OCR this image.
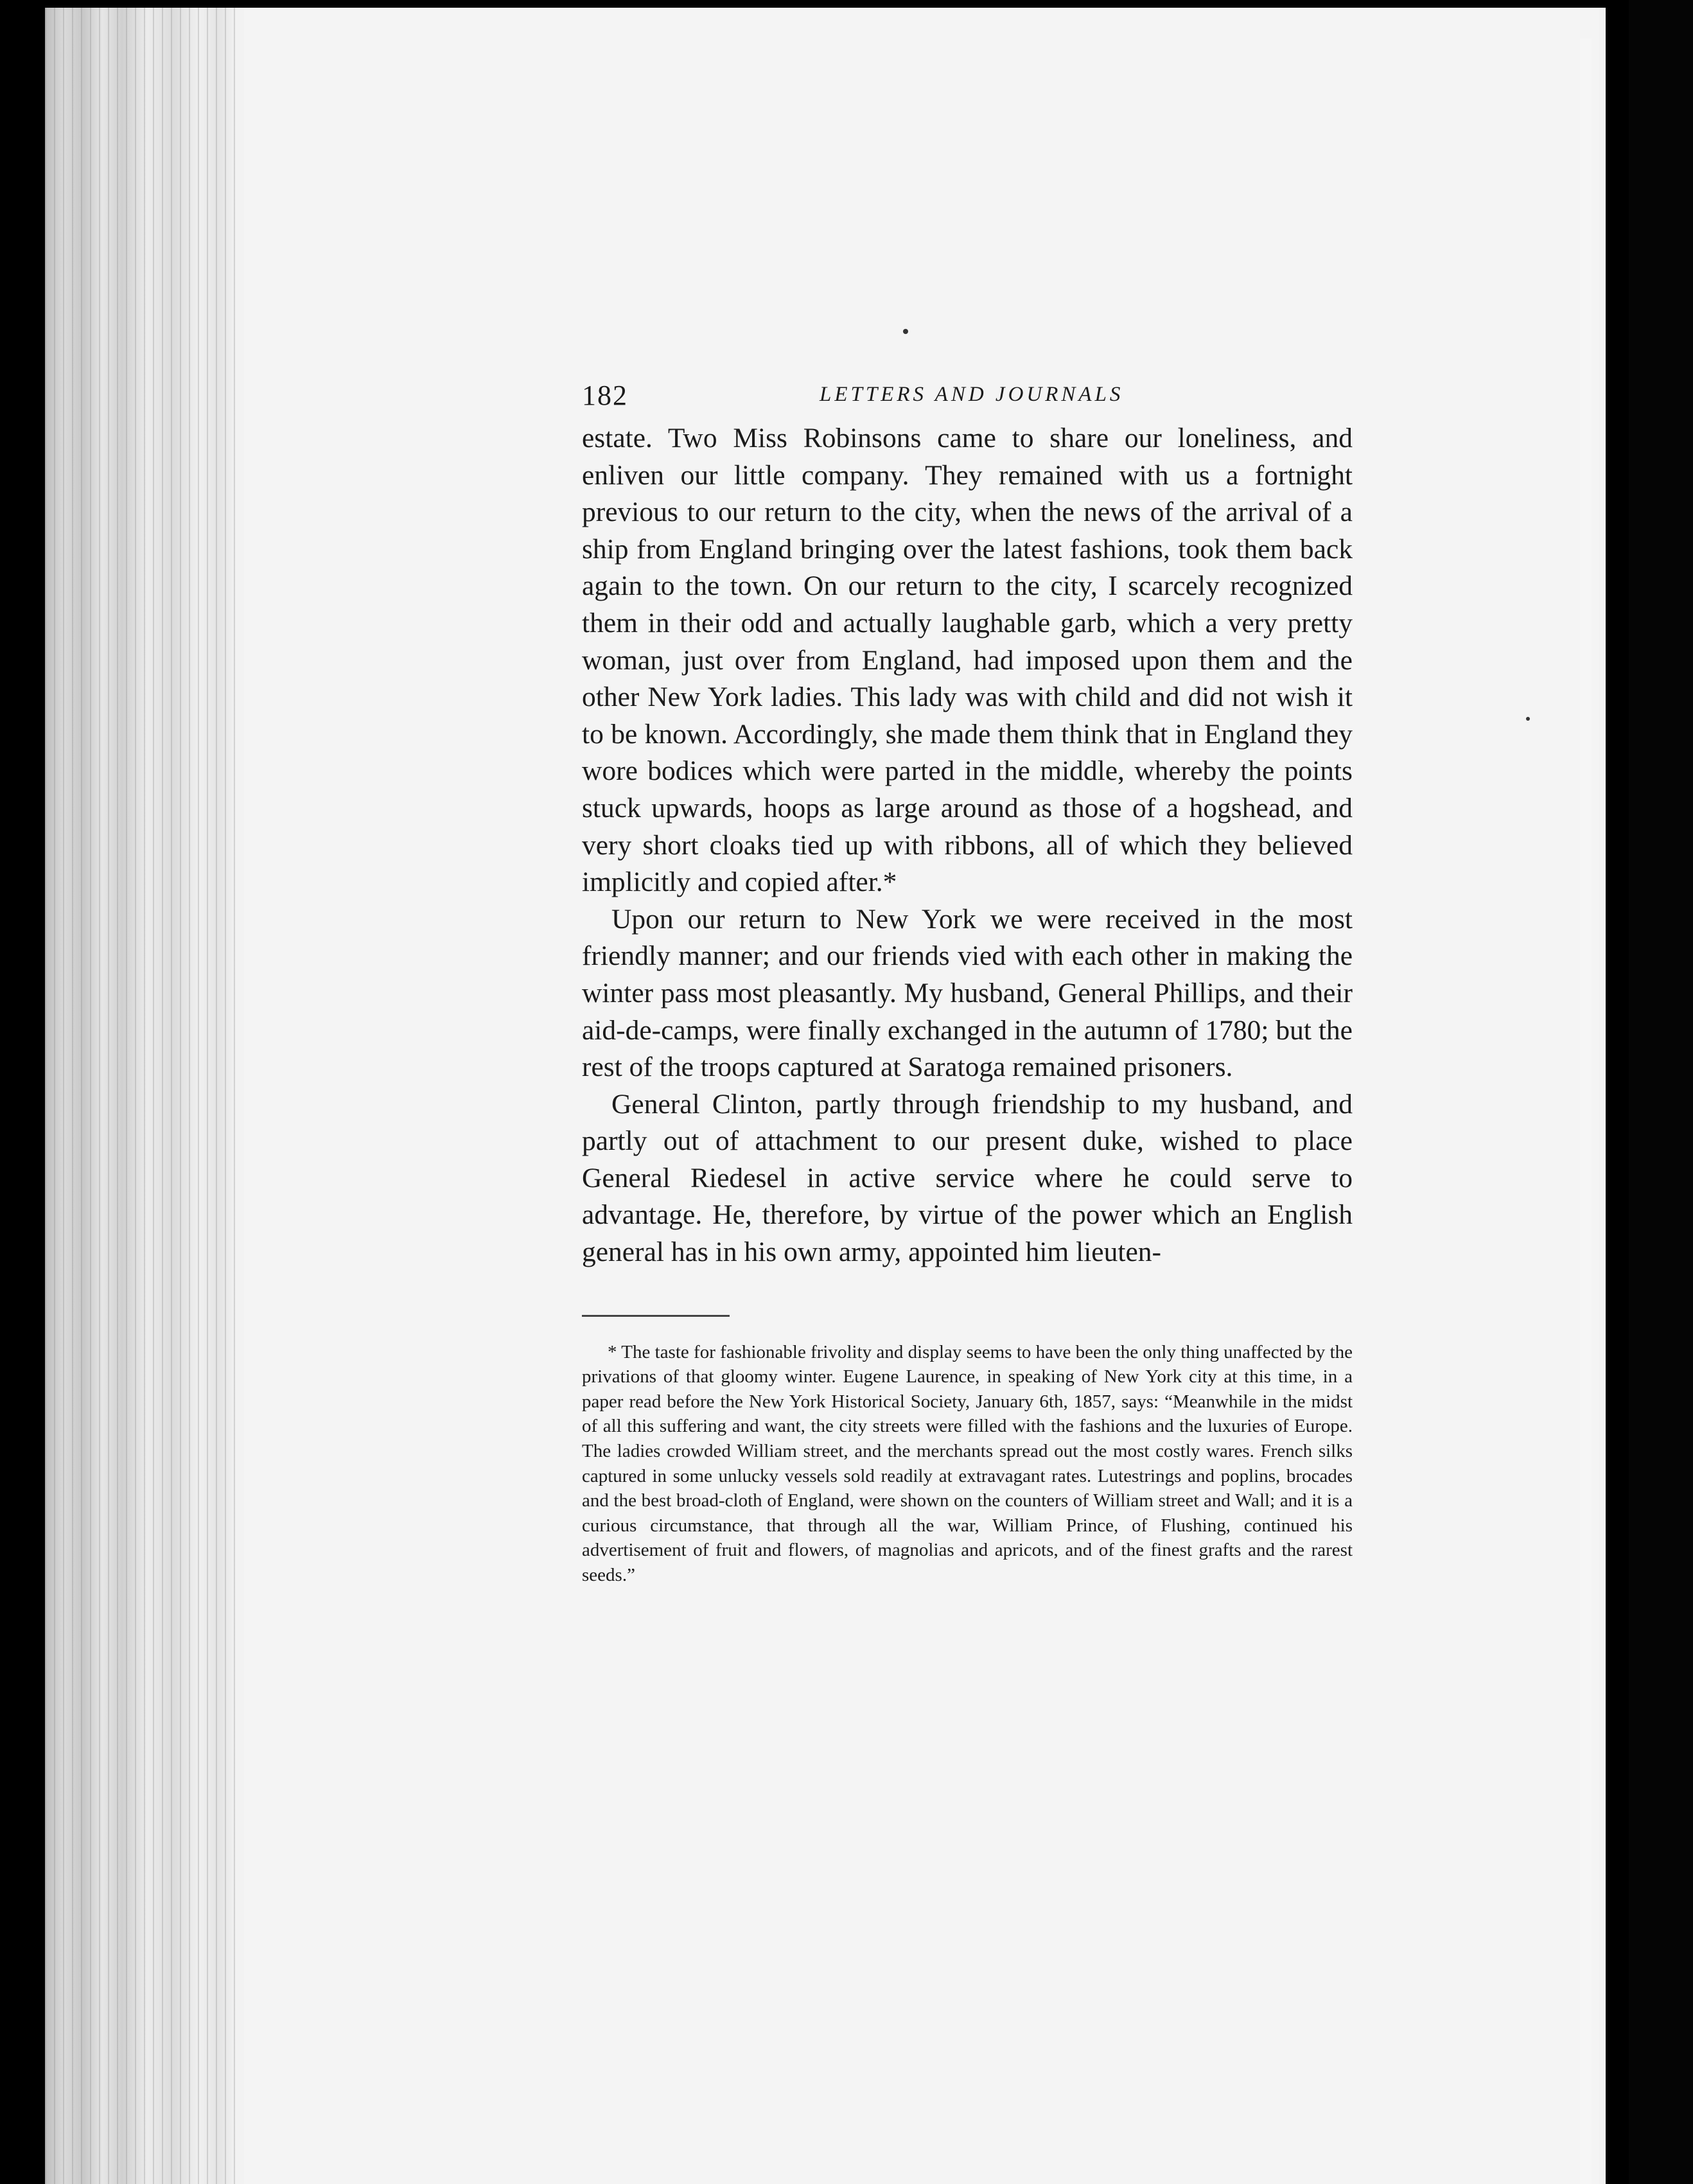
182	LETTERS AND JOURNALS

estate. Two Miss Robinsons came to share our loneliness, and enliven our little company. They remained with us a fortnight previous to our return to the city, when the news of the arrival of a ship from England bringing over the latest fashions, took them back again to the town. On our return to the city, I scarcely recognized them in their odd and actually laughable garb, which a very pretty woman, just over from England, had imposed upon them and the other New York ladies. This lady was with child and did not wish it to be known. Accordingly, she made them think that in England they wore bodices which were parted in the middle, whereby the points stuck upwards, hoops as large around as those of a hogshead, and very short cloaks tied up with ribbons, all of which they believed implicitly and copied after.*

Upon our return to New York we were received in the most friendly manner; and our friends vied with each other in making the winter pass most pleasantly. My husband, General Phillips, and their aid-de-camps, were finally exchanged in the autumn of 1780; but the rest of the troops captured at Saratoga remained prisoners.

General Clinton, partly through friendship to my husband, and partly out of attachment to our present duke, wished to place General Riedesel in active service where he could serve to advantage. He, therefore, by virtue of the power which an English general has in his own army, appointed him lieuten-

* The taste for fashionable frivolity and display seems to have been the only thing unaffected by the privations of that gloomy winter. Eugene Laurence, in speaking of New York city at this time, in a paper read before the New York Historical Society, January 6th, 1857, says: “Meanwhile in the midst of all this suffering and want, the city streets were filled with the fashions and the luxuries of Europe. The ladies crowded William street, and the merchants spread out the most costly wares. French silks captured in some unlucky vessels sold readily at extravagant rates. Lutestrings and poplins, brocades and the best broad-cloth of England, were shown on the counters of William street and Wall; and it is a curious circumstance, that through all the war, William Prince, of Flushing, continued his advertisement of fruit and flowers, of magnolias and apricots, and of the finest grafts and the rarest seeds.”
